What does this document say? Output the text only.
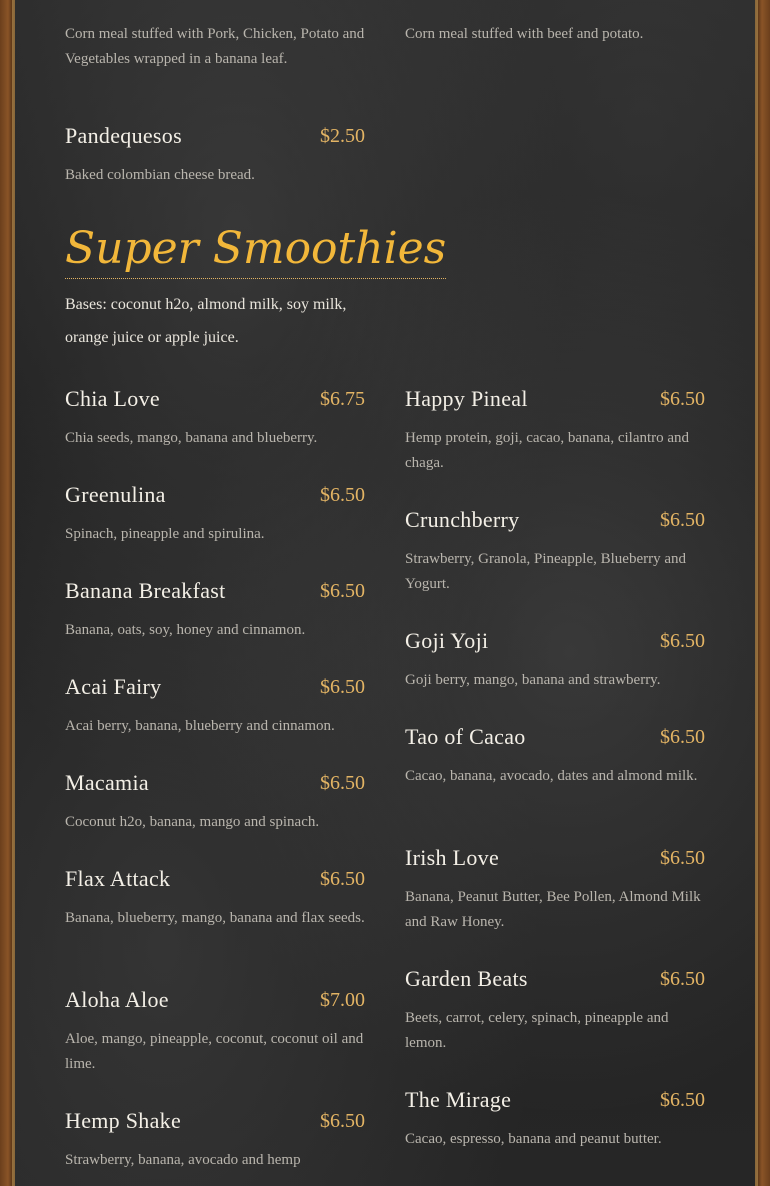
Corn meal stuffed with Pork, Chicken, Potato and Vegetables wrapped in a banana leaf.
Corn meal stuffed with beef and potato.
Pandequesos	$2.50
Baked colombian cheese bread.
Super Smoothies
Bases: coconut h2o, almond milk, soy milk, orange juice or apple juice.
Chia Love	$6.75
Chia seeds, mango, banana and blueberry.
Greenulina	$6.50
Spinach, pineapple and spirulina.
Banana Breakfast	$6.50
Banana, oats, soy, honey and cinnamon.
Acai Fairy	$6.50
Acai berry, banana, blueberry and cinnamon.
Macamia	$6.50
Coconut h2o, banana, mango and spinach.
Flax Attack	$6.50
Banana, blueberry, mango, banana and flax seeds.
Aloha Aloe	$7.00
Aloe, mango, pineapple, coconut, coconut oil and lime.
Hemp Shake	$6.50
Strawberry, banana, avocado and hemp
Happy Pineal	$6.50
Hemp protein, goji, cacao, banana, cilantro and chaga.
Crunchberry	$6.50
Strawberry, Granola, Pineapple, Blueberry and Yogurt.
Goji Yoji	$6.50
Goji berry, mango, banana and strawberry.
Tao of Cacao	$6.50
Cacao, banana, avocado, dates and almond milk.
Irish Love	$6.50
Banana, Peanut Butter, Bee Pollen, Almond Milk and Raw Honey.
Garden Beats	$6.50
Beets, carrot, celery, spinach, pineapple and lemon.
The Mirage	$6.50
Cacao, espresso, banana and peanut butter.
